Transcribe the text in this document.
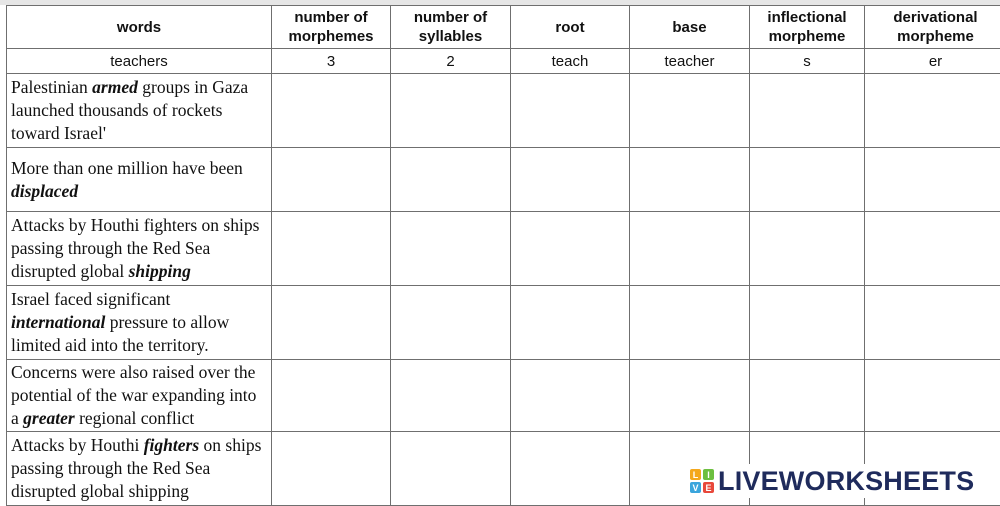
words	number of morphemes	number of syllables	root	base	inflectional morpheme	derivational morpheme
teachers	3	2	teach	teacher	s	er
Palestinian armed groups in Gaza launched thousands of rockets toward Israel'						
More than one million have been displaced						
Attacks by Houthi fighters on ships passing through the Red Sea disrupted global shipping						
Israel faced significant international pressure to allow limited aid into the territory.						
Concerns were also raised over the potential of the war expanding into a greater regional conflict						
Attacks by Houthi fighters on ships passing through the Red Sea disrupted global shipping						
L I
V E LIVEWORKSHEETS
